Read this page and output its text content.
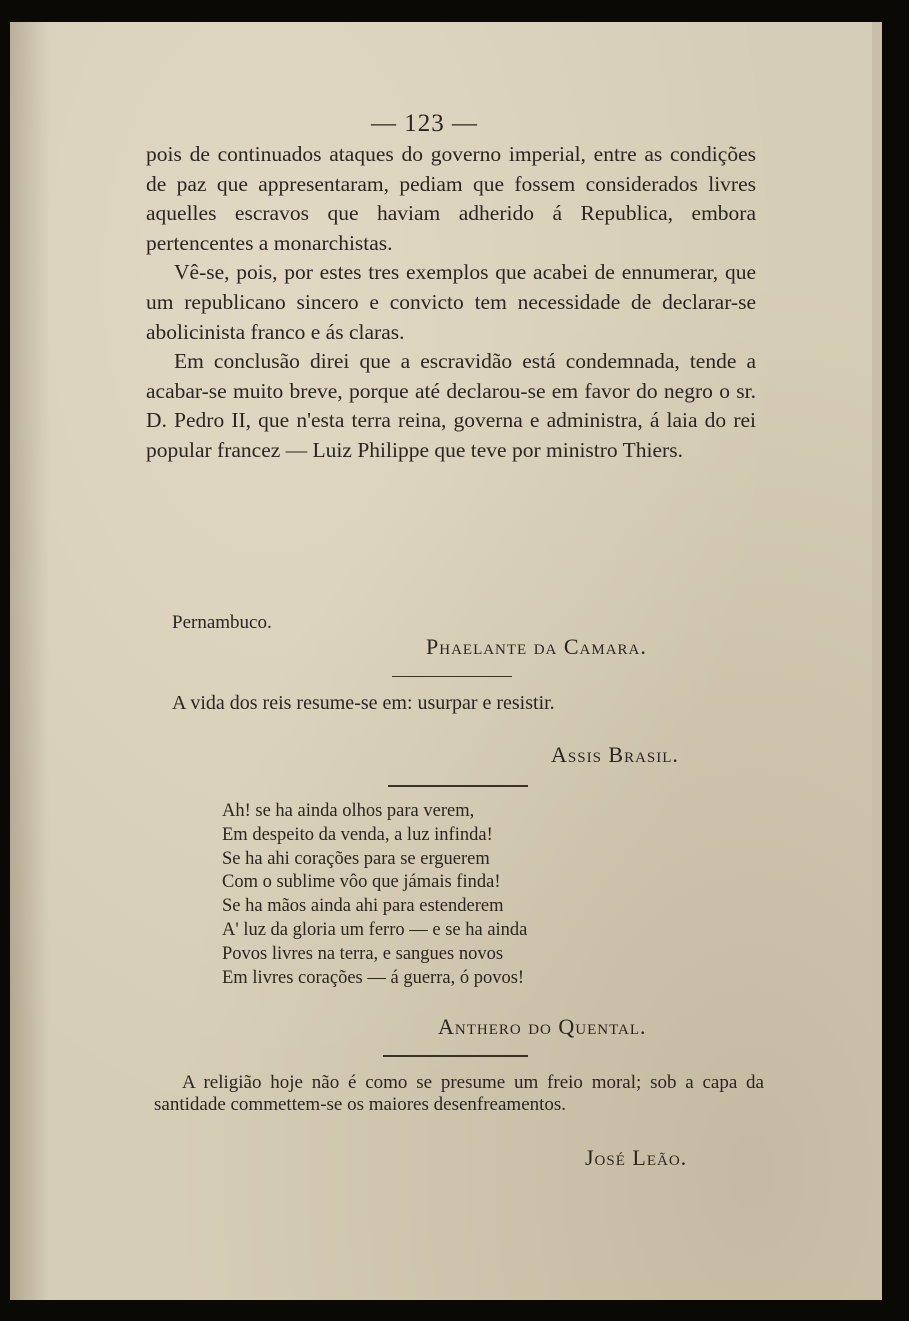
— 123 —

pois de continuados ataques do governo imperial, entre as condições de paz que appresentaram, pediam que fossem considerados livres aquelles escravos que haviam adherido á Republica, embora pertencentes a monarchistas.

Vê-se, pois, por estes tres exemplos que acabei de ennumerar, que um republicano sincero e convicto tem necessidade de declarar-se abolicinista franco e ás claras.

Em conclusão direi que a escravidão está condemnada, tende a acabar-se muito breve, porque até declarou-se em favor do negro o sr. D. Pedro II, que n'esta terra reina, governa e administra, á laia do rei popular francez — Luiz Philippe que teve por ministro Thiers.

Pernambuco.
Phaelante da Camara.
A vida dos reis resume-se em: usurpar e resistir.
Assis Brasil.
Ah! se ha ainda olhos para verem,
Em despeito da venda, a luz infinda!
Se ha ahi corações para se erguerem
Com o sublime vôo que jámais finda!
Se ha mãos ainda ahi para estenderem
A' luz da gloria um ferro — e se ha ainda
Povos livres na terra, e sangues novos
Em livres corações — á guerra, ó povos!
Anthero do Quental.

A religião hoje não é como se presume um freio moral; sob a capa da santidade commettem-se os maiores desenfreamentos.

José Leão.
